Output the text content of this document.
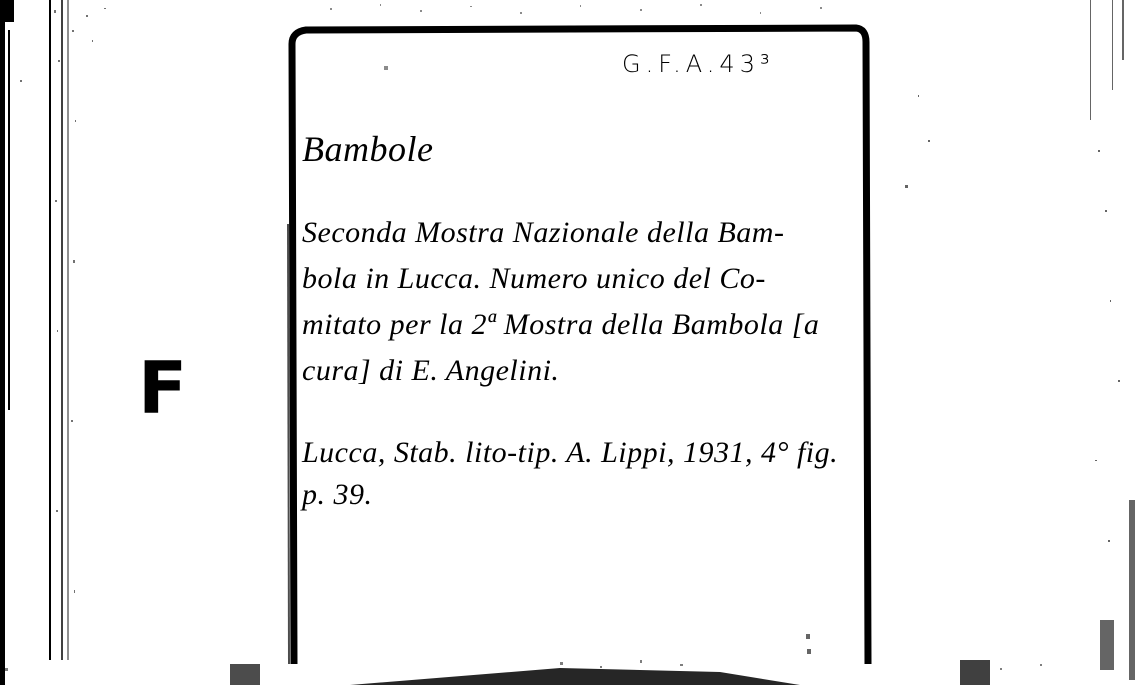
F
G.F.A.43³
Bambole
Seconda Mostra Nazionale della Bam-
bola in Lucca. Numero unico del Co-
mitato per la 2ª Mostra della Bambola [a
cura] di E. Angelini.
Lucca, Stab. lito-tip. A. Lippi, 1931, 4° fig.
p. 39.
